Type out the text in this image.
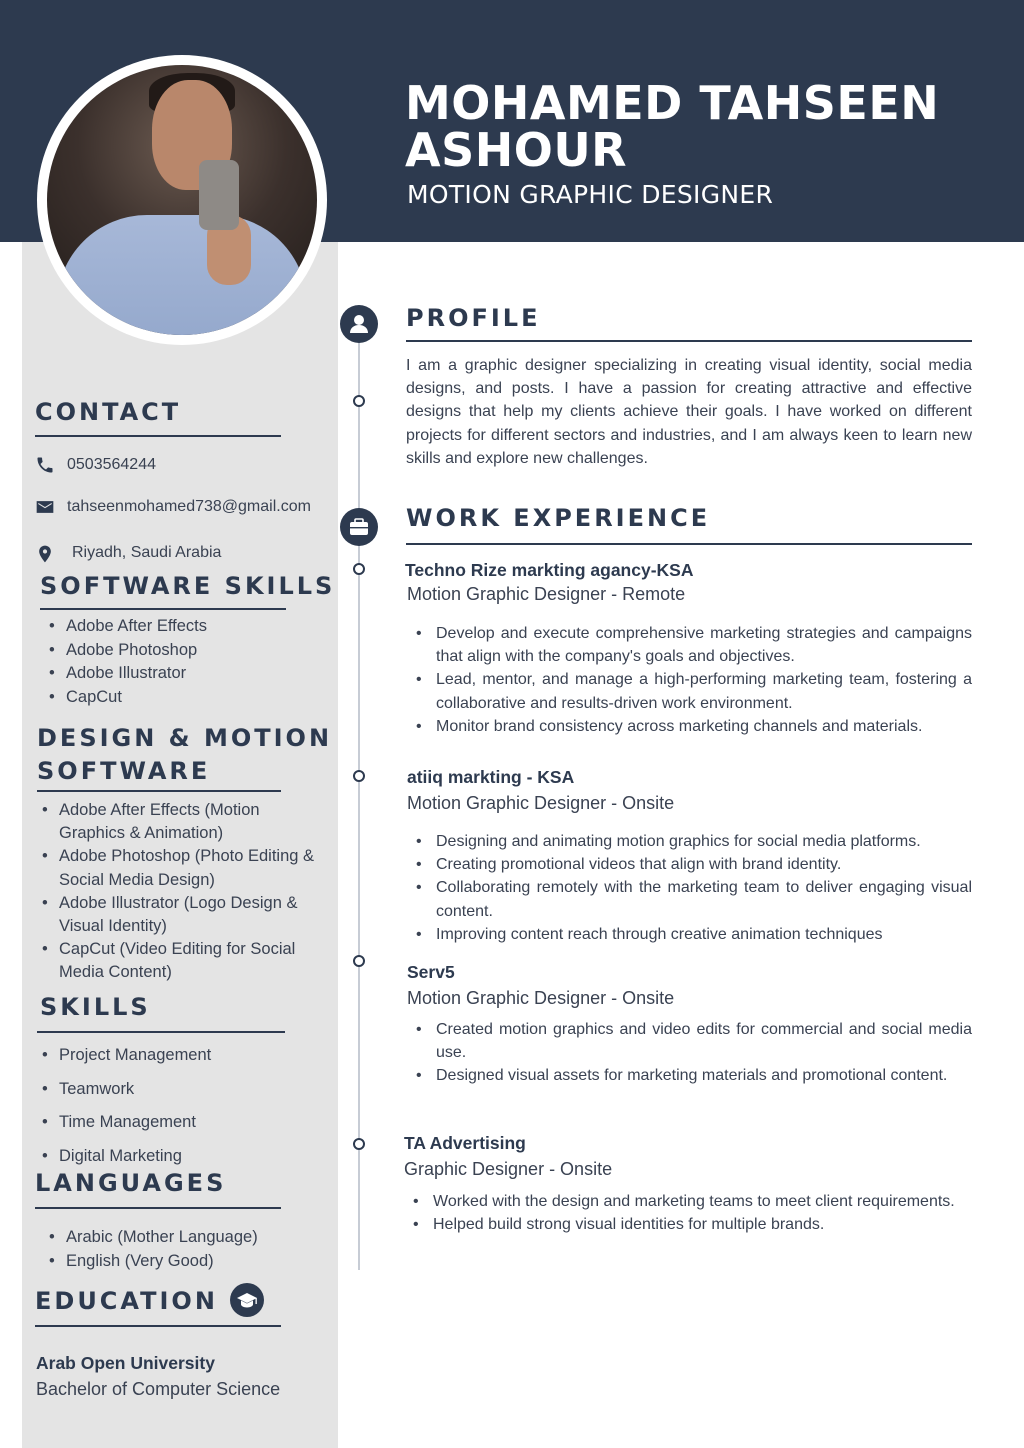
MOHAMED TAHSEEN
ASHOUR
MOTION GRAPHIC DESIGNER
CONTACT
0503564244
tahseenmohamed738@gmail.com
Riyadh, Saudi Arabia
SOFTWARE SKILLS
• Adobe After Effects
• Adobe Photoshop
• Adobe Illustrator
• CapCut
DESIGN & MOTION
SOFTWARE
• Adobe After Effects (Motion
Graphics & Animation)
• Adobe Photoshop (Photo Editing &
Social Media Design)
• Adobe Illustrator (Logo Design &
Visual Identity)
• CapCut (Video Editing for Social
Media Content)
SKILLS
• Project Management
• Teamwork
• Time Management
• Digital Marketing
LANGUAGES
• Arabic (Mother Language)
• English (Very Good)
EDUCATION
Arab Open University
Bachelor of Computer Science
PROFILE
I am a graphic designer specializing in creating visual identity, social media designs, and posts. I have a passion for creating attractive and effective designs that help my clients achieve their goals. I have worked on different projects for different sectors and industries, and I am always keen to learn new skills and explore new challenges.
WORK EXPERIENCE
Techno Rize markting agancy-KSA
Motion Graphic Designer - Remote
• Develop and execute comprehensive marketing strategies and campaigns that align with the company's goals and objectives.
• Lead, mentor, and manage a high-performing marketing team, fostering a collaborative and results-driven work environment.
• Monitor brand consistency across marketing channels and materials.
atiiq markting - KSA
Motion Graphic Designer - Onsite
• Designing and animating motion graphics for social media platforms.
• Creating promotional videos that align with brand identity.
• Collaborating remotely with the marketing team to deliver engaging visual content.
• Improving content reach through creative animation techniques
Serv5
Motion Graphic Designer - Onsite
• Created motion graphics and video edits for commercial and social media use.
• Designed visual assets for marketing materials and promotional content.
TA Advertising
Graphic Designer - Onsite
• Worked with the design and marketing teams to meet client requirements.
• Helped build strong visual identities for multiple brands.
